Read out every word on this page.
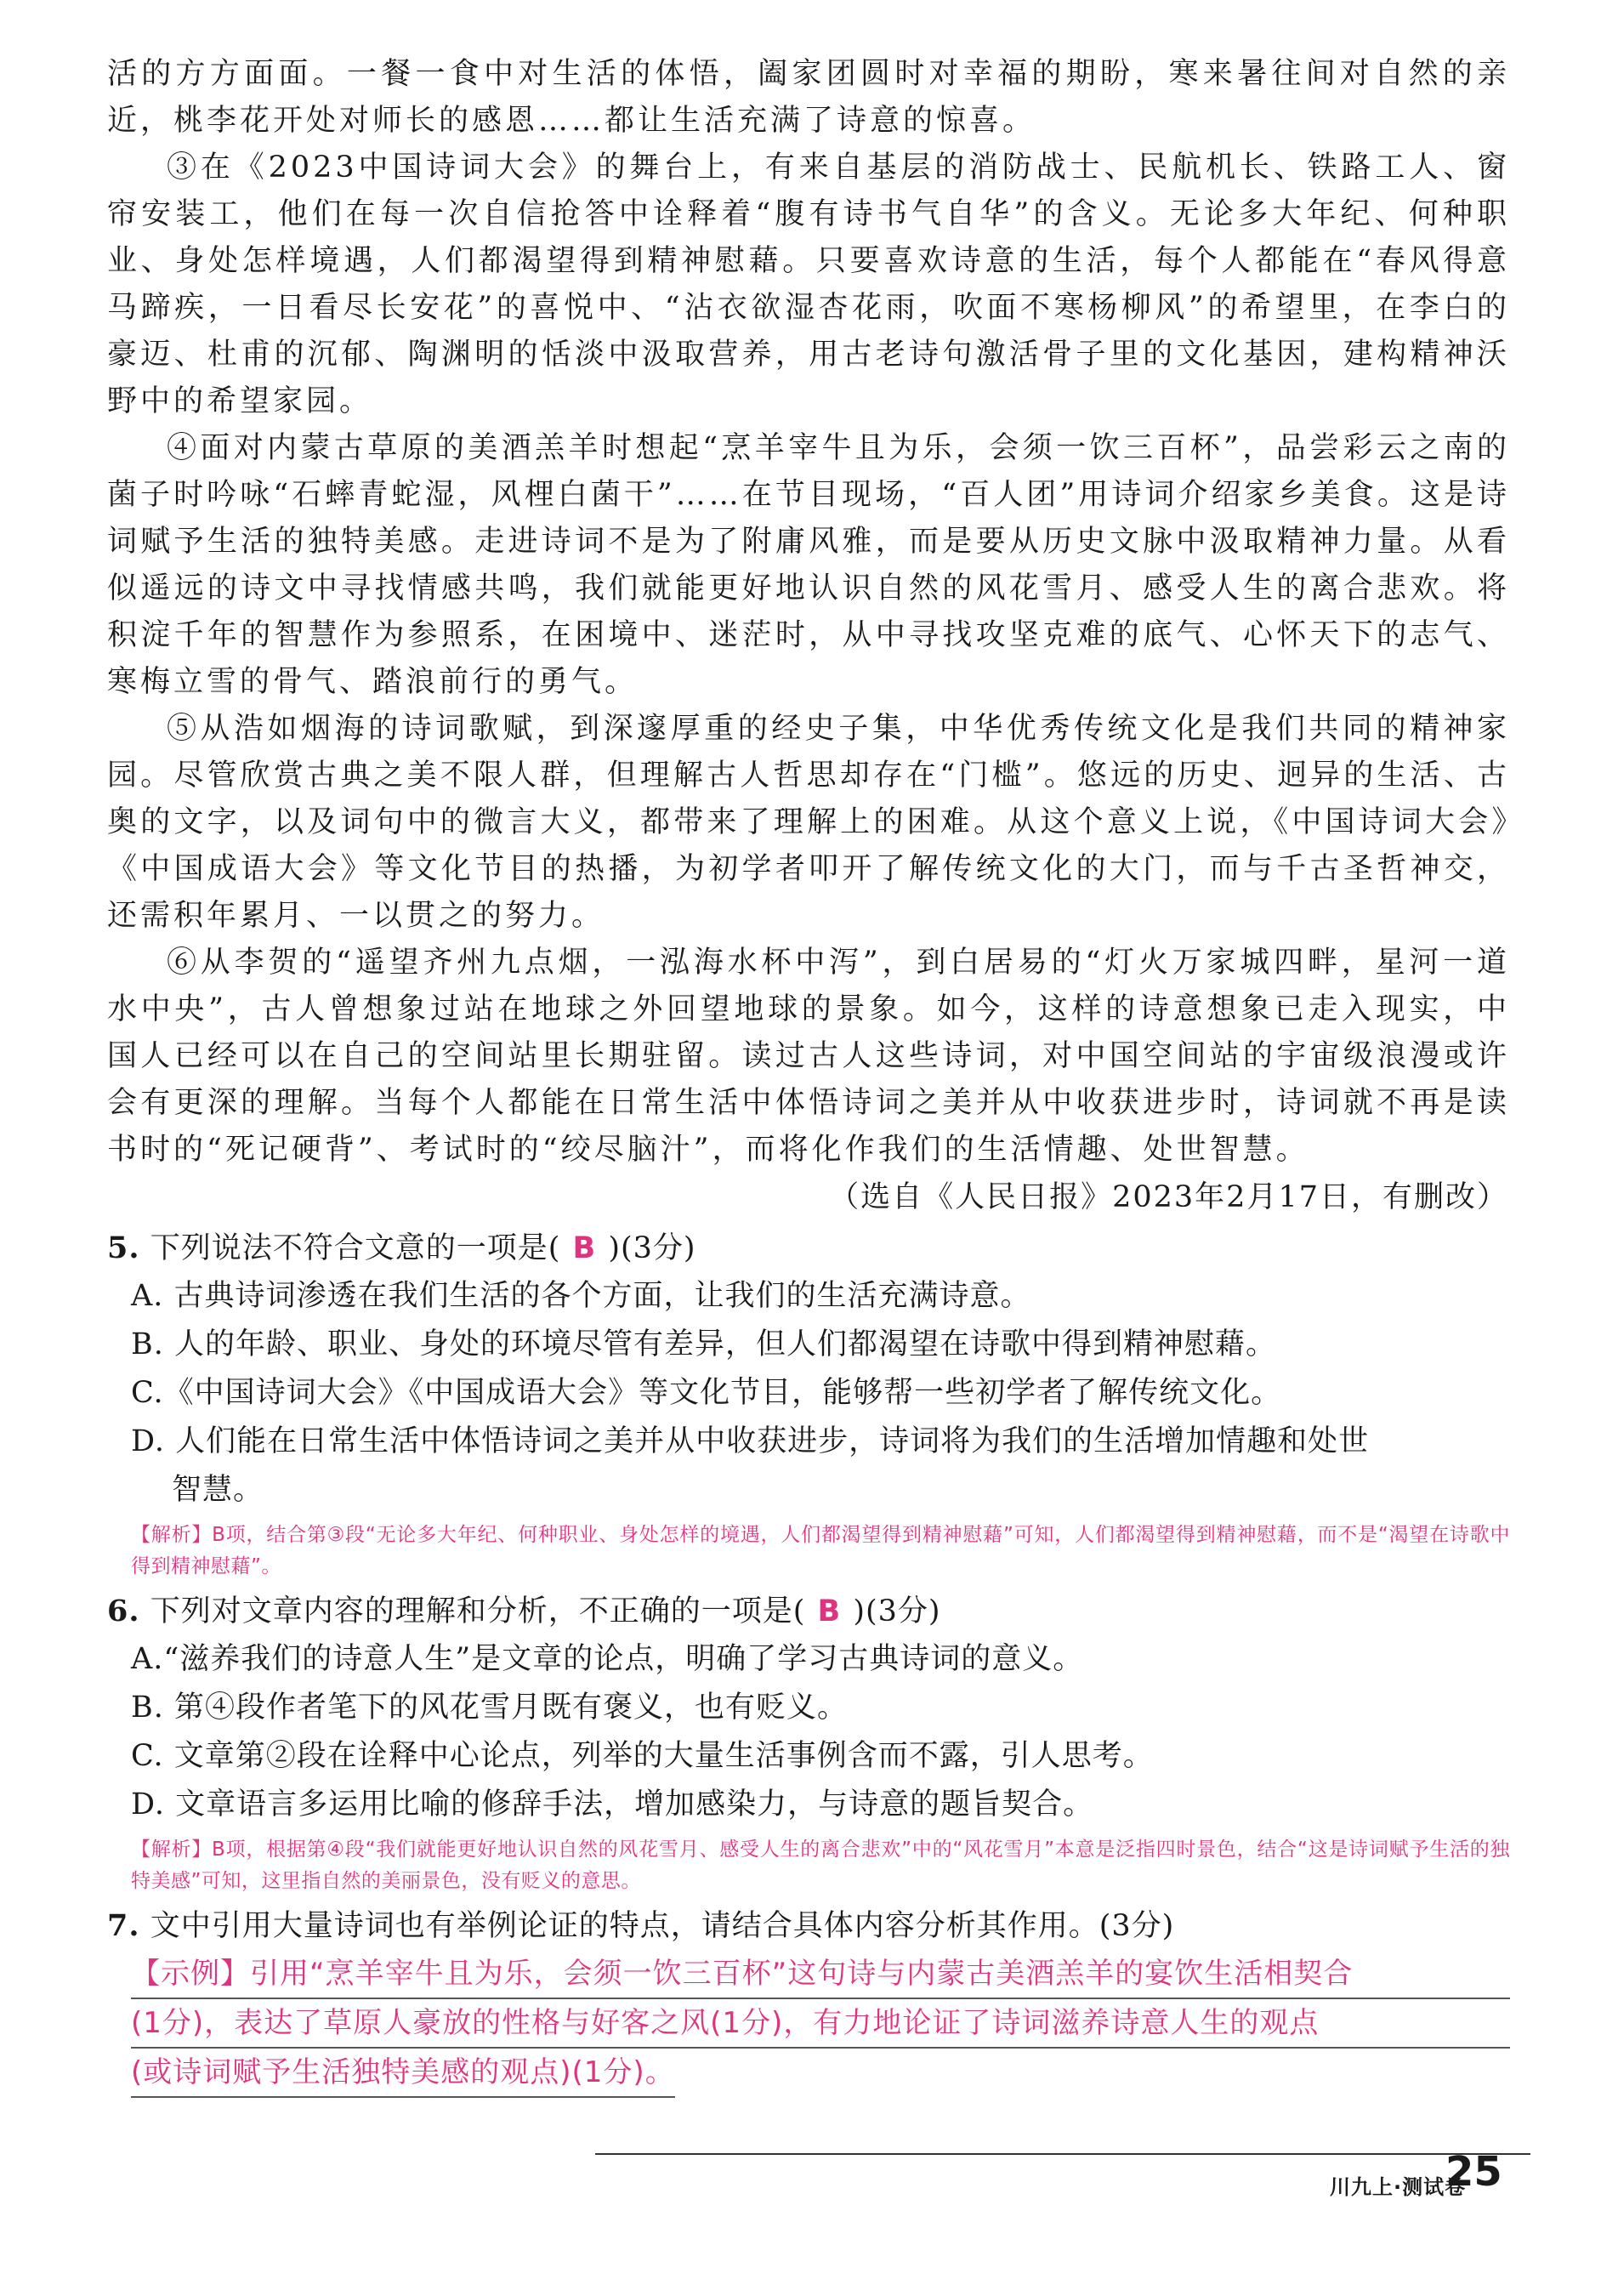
活的方方面面。一餐一食中对生活的体悟，阖家团圆时对幸福的期盼，寒来暑往间对自然的亲近，桃李花开处对师长的感恩……都让生活充满了诗意的惊喜。

③在《2023中国诗词大会》的舞台上，有来自基层的消防战士、民航机长、铁路工人、窗帘安装工，他们在每一次自信抢答中诠释着“腹有诗书气自华”的含义。无论多大年纪、何种职业、身处怎样境遇，人们都渴望得到精神慰藉。只要喜欢诗意的生活，每个人都能在“春风得意马蹄疾，一日看尽长安花”的喜悦中、“沾衣欲湿杏花雨，吹面不寒杨柳风”的希望里，在李白的豪迈、杜甫的沉郁、陶渊明的恬淡中汲取营养，用古老诗句激活骨子里的文化基因，建构精神沃野中的希望家园。

④面对内蒙古草原的美酒羔羊时想起“烹羊宰牛且为乐，会须一饮三百杯”，品尝彩云之南的菌子时吟咏“石蟀青蛇湿，风梩白菌干”……在节目现场，“百人团”用诗词介绍家乡美食。这是诗词赋予生活的独特美感。走进诗词不是为了附庸风雅，而是要从历史文脉中汲取精神力量。从看似遥远的诗文中寻找情感共鸣，我们就能更好地认识自然的风花雪月、感受人生的离合悲欢。将积淀千年的智慧作为参照系，在困境中、迷茫时，从中寻找攻坚克难的底气、心怀天下的志气、寒梅立雪的骨气、踏浪前行的勇气。

⑤从浩如烟海的诗词歌赋，到深邃厚重的经史子集，中华优秀传统文化是我们共同的精神家园。尽管欣赏古典之美不限人群，但理解古人哲思却存在“门槛”。悠远的历史、迥异的生活、古奥的文字，以及词句中的微言大义，都带来了理解上的困难。从这个意义上说，《中国诗词大会》《中国成语大会》等文化节目的热播，为初学者叩开了解传统文化的大门，而与千古圣哲神交，还需积年累月、一以贯之的努力。

⑥从李贺的“遥望齐州九点烟，一泓海水杯中泻”，到白居易的“灯火万家城四畔，星河一道水中央”，古人曾想象过站在地球之外回望地球的景象。如今，这样的诗意想象已走入现实，中国人已经可以在自己的空间站里长期驻留。读过古人这些诗词，对中国空间站的宇宙级浪漫或许会有更深的理解。当每个人都能在日常生活中体悟诗词之美并从中收获进步时，诗词就不再是读书时的“死记硬背”、考试时的“绞尽脑汁”，而将化作我们的生活情趣、处世智慧。

（选自《人民日报》2023年2月17日，有删改）

5. 下列说法不符合文意的一项是( B )(3分)
A. 古典诗词渗透在我们生活的各个方面，让我们的生活充满诗意。
B. 人的年龄、职业、身处的环境尽管有差异，但人们都渴望在诗歌中得到精神慰藉。
C.《中国诗词大会》《中国成语大会》等文化节目，能够帮一些初学者了解传统文化。
D. 人们能在日常生活中体悟诗词之美并从中收获进步，诗词将为我们的生活增加情趣和处世
智慧。
【解析】B项，结合第③段“无论多大年纪、何种职业、身处怎样的境遇，人们都渴望得到精神慰藉”可知，人们都渴望得到精神慰藉，而不是“渴望在诗歌中得到精神慰藉”。
6. 下列对文章内容的理解和分析，不正确的一项是( B )(3分)
A.“滋养我们的诗意人生”是文章的论点，明确了学习古典诗词的意义。
B. 第④段作者笔下的风花雪月既有褒义，也有贬义。
C. 文章第②段在诠释中心论点，列举的大量生活事例含而不露，引人思考。
D. 文章语言多运用比喻的修辞手法，增加感染力，与诗意的题旨契合。
【解析】B项，根据第④段“我们就能更好地认识自然的风花雪月、感受人生的离合悲欢”中的“风花雪月”本意是泛指四时景色，结合“这是诗词赋予生活的独特美感”可知，这里指自然的美丽景色，没有贬义的意思。
7. 文中引用大量诗词也有举例论证的特点，请结合具体内容分析其作用。(3分)
【示例】引用“烹羊宰牛且为乐，会须一饮三百杯”这句诗与内蒙古美酒羔羊的宴饮生活相契合
(1分)，表达了草原人豪放的性格与好客之风(1分)，有力地论证了诗词滋养诗意人生的观点
(或诗词赋予生活独特美感的观点)(1分)。
川九上·测试卷
25
